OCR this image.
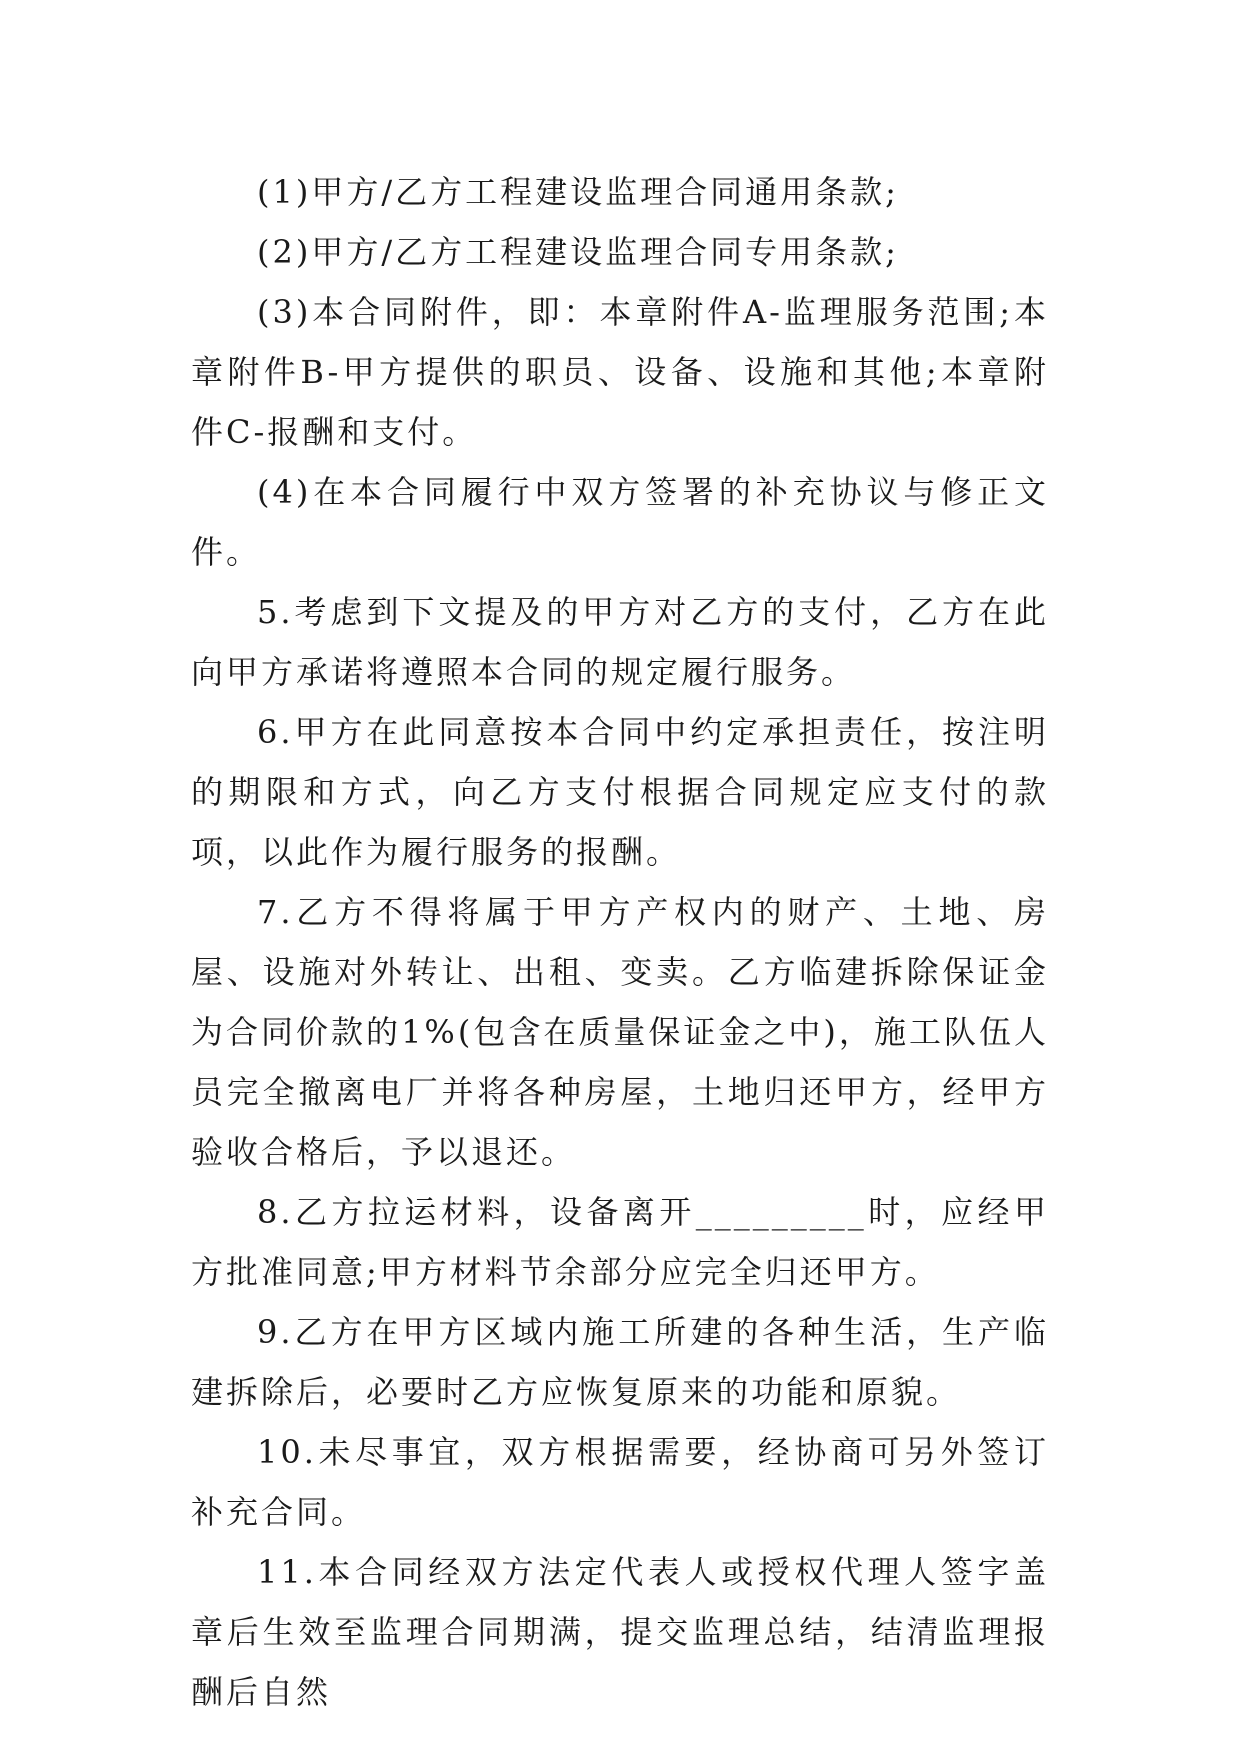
(1)甲方/乙方工程建设监理合同通用条款;

(2)甲方/乙方工程建设监理合同专用条款;

(3)本合同附件，即：本章附件A-监理服务范围;本章附件B-甲方提供的职员、设备、设施和其他;本章附件C-报酬和支付。

(4)在本合同履行中双方签署的补充协议与修正文件。

5.考虑到下文提及的甲方对乙方的支付，乙方在此向甲方承诺将遵照本合同的规定履行服务。

6.甲方在此同意按本合同中约定承担责任，按注明的期限和方式，向乙方支付根据合同规定应支付的款项，以此作为履行服务的报酬。

7.乙方不得将属于甲方产权内的财产、土地、房屋、设施对外转让、出租、变卖。乙方临建拆除保证金为合同价款的1%(包含在质量保证金之中)，施工队伍人员完全撤离电厂并将各种房屋，土地归还甲方，经甲方验收合格后，予以退还。

8.乙方拉运材料，设备离开_________时，应经甲方批准同意;甲方材料节余部分应完全归还甲方。

9.乙方在甲方区域内施工所建的各种生活，生产临建拆除后，必要时乙方应恢复原来的功能和原貌。

10.未尽事宜，双方根据需要，经协商可另外签订补充合同。

11.本合同经双方法定代表人或授权代理人签字盖章后生效至监理合同期满，提交监理总结，结清监理报酬后自然
